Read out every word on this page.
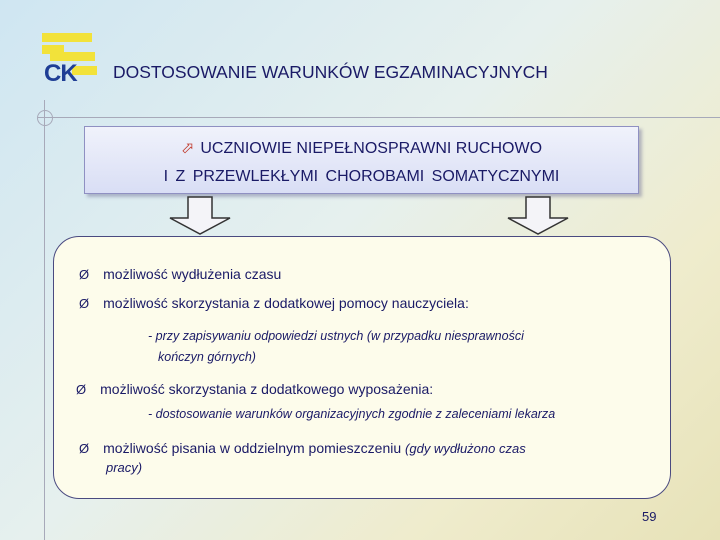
CK DOSTOSOWANIE WARUNKÓW EGZAMINACYJNYCH
⬀ UCZNIOWIE NIEPEŁNOSPRAWNI RUCHOWO
I Z PRZEWLEKŁYMI CHOROBAMI SOMATYCZNYMI
Ø możliwość wydłużenia czasu
Ø możliwość skorzystania z dodatkowej pomocy nauczyciela:
- przy zapisywaniu odpowiedzi ustnych (w przypadku niesprawności
kończyn górnych)
Ø możliwość skorzystania z dodatkowego wyposażenia:
- dostosowanie warunków organizacyjnych zgodnie z zaleceniami lekarza
Ø możliwość pisania w oddzielnym pomieszczeniu (gdy wydłużono czas
pracy)
59
